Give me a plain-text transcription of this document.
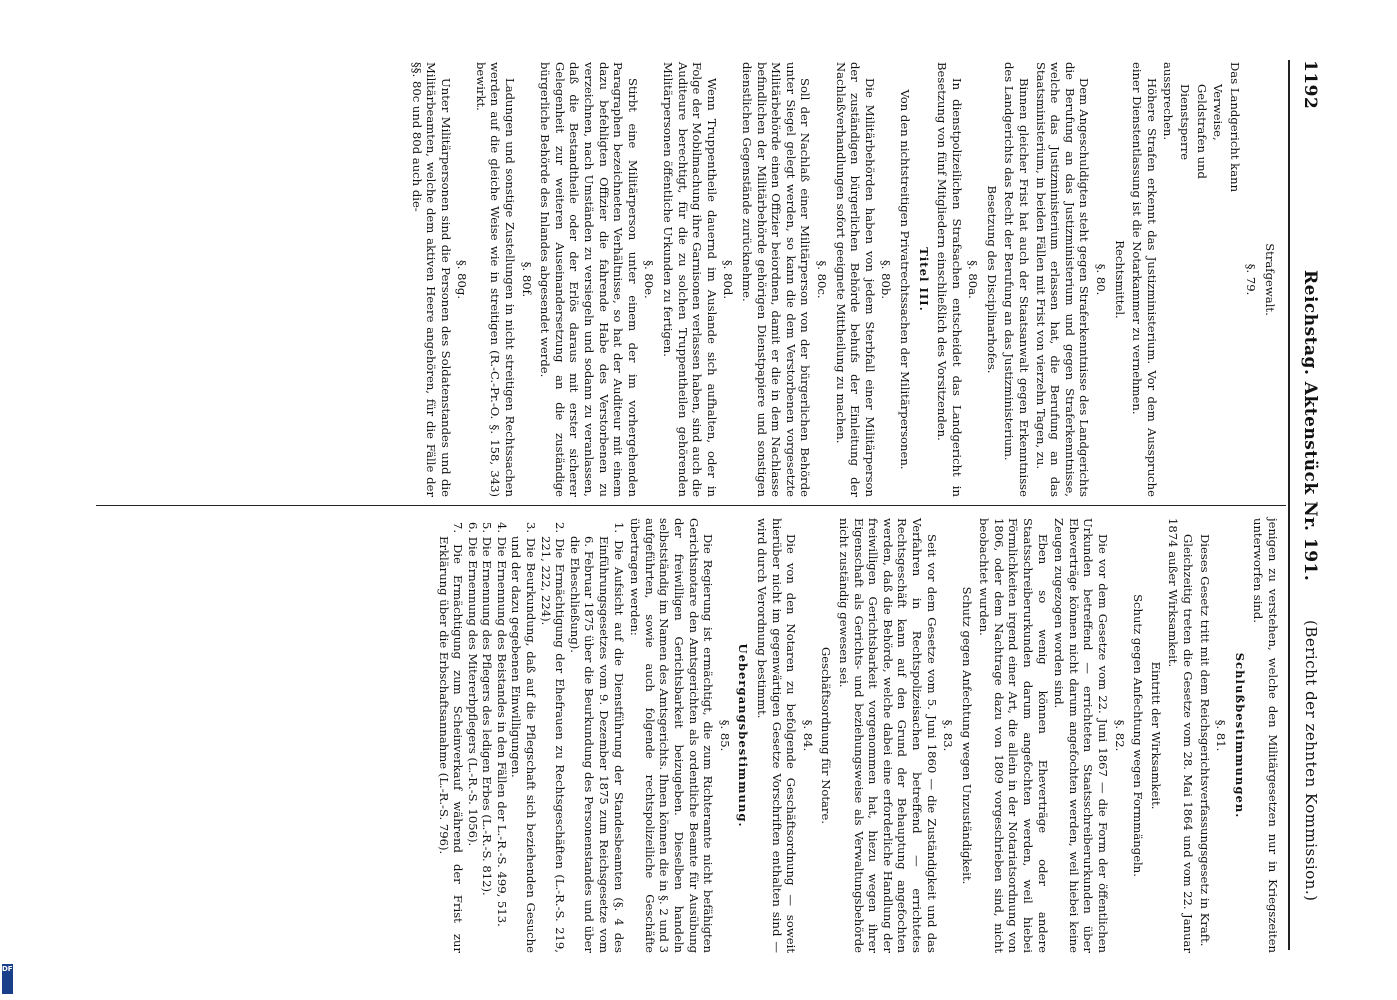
1192
Reichstag. Aktenstück Nr. 191.
(Bericht der zehnten Kommission.)

Strafgewalt.

§. 79.

Das Landgericht kann

Verweise,

Geldstrafen und

Dienstsperre

aussprechen.

Höhere Strafen erkennt das Justizministerium. Vor dem Ausspruche einer Dienstentlassung ist die Notarkammer zu vernehmen.

Rechtsmittel.

§. 80.

Dem Angeschuldigten steht gegen Straferkenntnisse des Landgerichts die Berufung an das Justizministerium und gegen Straferkenntnisse, welche das Justizministerium erlassen hat, die Berufung an das Staatsministerium, in beiden Fällen mit Frist von vierzehn Tagen, zu.

Binnen gleicher Frist hat auch der Staatsanwalt gegen Erkenntnisse des Landgerichts das Recht der Berufung an das Justizministerium.

Besetzung des Disciplinarhofes.

§. 80a.

In dienstpolizeilichen Strafsachen entscheidet das Landgericht in Besetzung von fünf Mitgliedern einschließlich des Vorsitzenden.

Titel III.

Von den nichtstreitigen Privatrechtssachen der Militärpersonen.

§. 80b.

Die Militärbehörden haben von jedem Sterbfall einer Militärperson der zuständigen bürgerlichen Behörde behufs der Einleitung der Nachlaßverhandlungen sofort geeignete Mittheilung zu machen.

§. 80c.

Soll der Nachlaß einer Militärperson von der bürgerlichen Behörde unter Siegel gelegt werden, so kann die dem Verstorbenen vorgesetzte Militärbehörde einen Offizier beiordnen, damit er die in dem Nachlasse befindlichen der Militärbehörde gehörigen Dienstpapiere und sonstigen dienstlichen Gegenstände zurücknehme.

§. 80d.

Wenn Truppentheile dauernd im Auslande sich aufhalten, oder in Folge der Mobilmachung ihre Garnisonen verlassen haben, sind auch die Auditeure berechtigt, für die zu solchen Truppentheilen gehörenden Militärpersonen öffentliche Urkunden zu fertigen.

§. 80e.

Stirbt eine Militärperson unter einem der im vorhergehenden Paragraphen bezeichneten Verhältnisse, so hat der Auditeur mit einem dazu befehligten Offizier die fahrende Habe des Verstorbenen zu verzeichnen, nach Umständen zu versiegeln und sodann zu veranlassen, daß die Bestandtheile oder der Erlös daraus mit erster sicherer Gelegenheit zur weiteren Auseinandersetzung an die zuständige bürgerliche Behörde des Inlandes abgesendet werde.

§. 80f.

Ladungen und sonstige Zustellungen in nicht streitigen Rechtssachen werden auf die gleiche Weise wie in streitigen (R.-C.-Pr.-O. §. 158, 343) bewirkt.

§. 80g.

Unter Militärpersonen sind die Personen des Soldatenstandes und die Militärbeamten, welche dem aktiven Heere angehören, für die Fälle der §§. 80c und 80d auch die-

jenigen zu verstehen, welche den Militärgesetzen nur in Kriegszeiten unterworfen sind.

Schlußbestimmungen.

§. 81.

Dieses Gesetz tritt mit dem Reichsgerichtsverfassungsgesetz in Kraft.

Gleichzeitig treten die Gesetze vom 28. Mai 1864 und vom 22. Januar 1874 außer Wirksamkeit.

Eintritt der Wirksamkeit.

Schutz gegen Anfechtung wegen Formmängeln.

§. 82.

Die vor dem Gesetze vom 22. Juni 1867 — die Form der öffentlichen Urkunden betreffend — errichteten Staatsschreiberurkunden über Eheverträge können nicht darum angefochten werden, weil hiebei keine Zeugen zugezogen worden sind.

Eben so wenig können Eheverträge oder andere Staatsschreiberurkunden darum angefochten werden, weil hiebei Förmlichkeiten irgend einer Art, die allein in der Notariatsordnung von 1806, oder dem Nachtrage dazu von 1809 vorgeschrieben sind, nicht beobachtet wurden.

Schutz gegen Anfechtung wegen Unzuständigkeit.

§. 83.

Seit vor dem Gesetze vom 5. Juni 1860 — die Zuständigkeit und das Verfahren in Rechtspolizeisachen betreffend — errichtetes Rechtsgeschäft kann auf den Grund der Behauptung angefochten werden, daß die Behörde, welche dabei eine erforderliche Handlung der freiwilligen Gerichtsbarkeit vorgenommen hat, hiezu wegen ihrer Eigenschaft als Gerichts- und beziehungsweise als Verwaltungsbehörde nicht zuständig gewesen sei.

Geschäftsordnung für Notare.

§. 84.

Die von den Notaren zu befolgende Geschäftsordnung — soweit hierüber nicht im gegenwärtigen Gesetze Vorschriften enthalten sind — wird durch Verordnung bestimmt.

Uebergangsbestimmung.

§. 85.

Die Regierung ist ermächtigt, die zum Richteramte nicht befähigten Gerichtsnotare den Amtsgerichten als ordentliche Beamte für Ausübung der freiwilligen Gerichtsbarkeit beizugeben. Dieselben handeln selbstständig im Namen des Amtsgerichts. Ihnen können die in §. 2 und 3 aufgeführten, sowie auch folgende rechtspolizeiliche Geschäfte übertragen werden:

1. Die Aufsicht auf die Dienstführung der Standesbeamten (§. 4 des Einführungsgesetzes vom 9. Dezember 1875 zum Reichsgesetze vom 6. Februar 1875 über die Beurkundung des Personenstandes und über die Eheschließung).

2. Die Ermächtigung der Ehefrauen zu Rechtsgeschäften (L.-R.-S. 219, 221, 222, 224).

3. Die Beurkundung, daß auf die Pflegschaft sich beziehenden Gesuche und der dazu gegebenen Einwilligungen.

4. Die Ernennung des Beistandes in den Fällen der L.-R.-S. 499, 513.

5. Die Ernennung des Pflegers des ledigen Erbes (L.-R.-S. 812).

6. Die Ernennung des Mitererbpflegers (L.-R.-S. 1056).

7. Die Ermächtigung zum Scheinverkauf während der Frist zur Erklärung über die Erbschaftsannahme (L.-R.-S. 796).

DFG
